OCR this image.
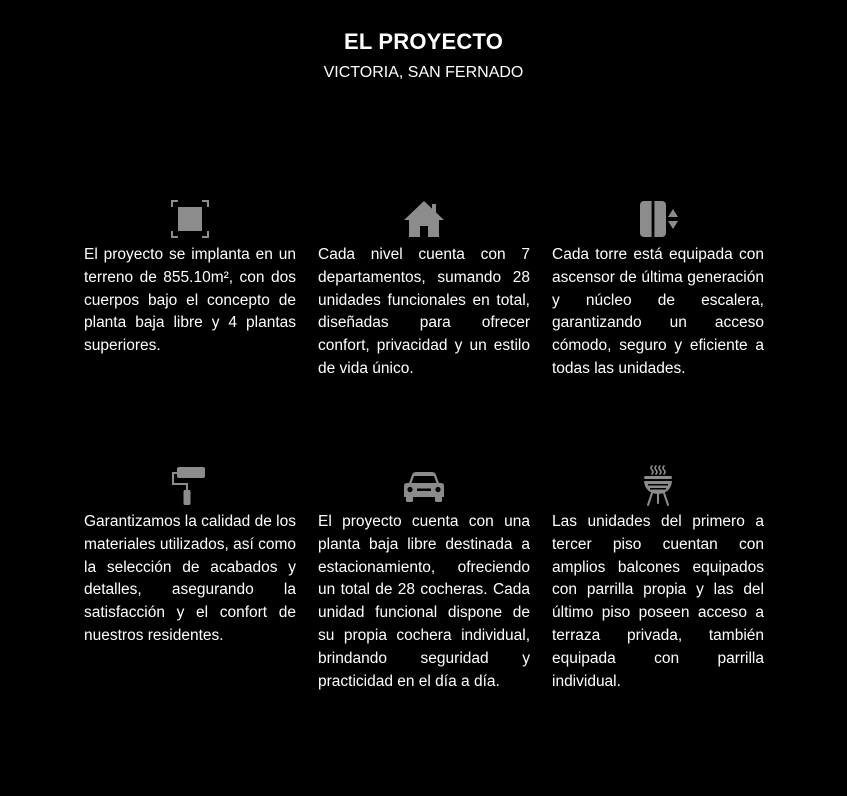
EL PROYECTO
VICTORIA, SAN FERNADO

El proyecto se implanta en un terreno de 855.10m², con dos cuerpos bajo el concepto de planta baja libre y 4 plantas superiores.

Cada nivel cuenta con 7 departamentos, sumando 28 unidades funcionales en total, diseñadas para ofrecer confort, privacidad y un estilo de vida único.

Cada torre está equipada con ascensor de última generación y núcleo de escalera, garantizando un acceso cómodo, seguro y eficiente a todas las unidades.

Garantizamos la calidad de los materiales utilizados, así como la selección de acabados y detalles, asegurando la satisfacción y el confort de nuestros residentes.

El proyecto cuenta con una planta baja libre destinada a estacionamiento, ofreciendo un total de 28 cocheras. Cada unidad funcional dispone de su propia cochera individual, brindando seguridad y practicidad en el día a día.

Las unidades del primero a tercer piso cuentan con amplios balcones equipados con parrilla propia y las del último piso poseen acceso a terraza privada, también equipada con parrilla individual.
